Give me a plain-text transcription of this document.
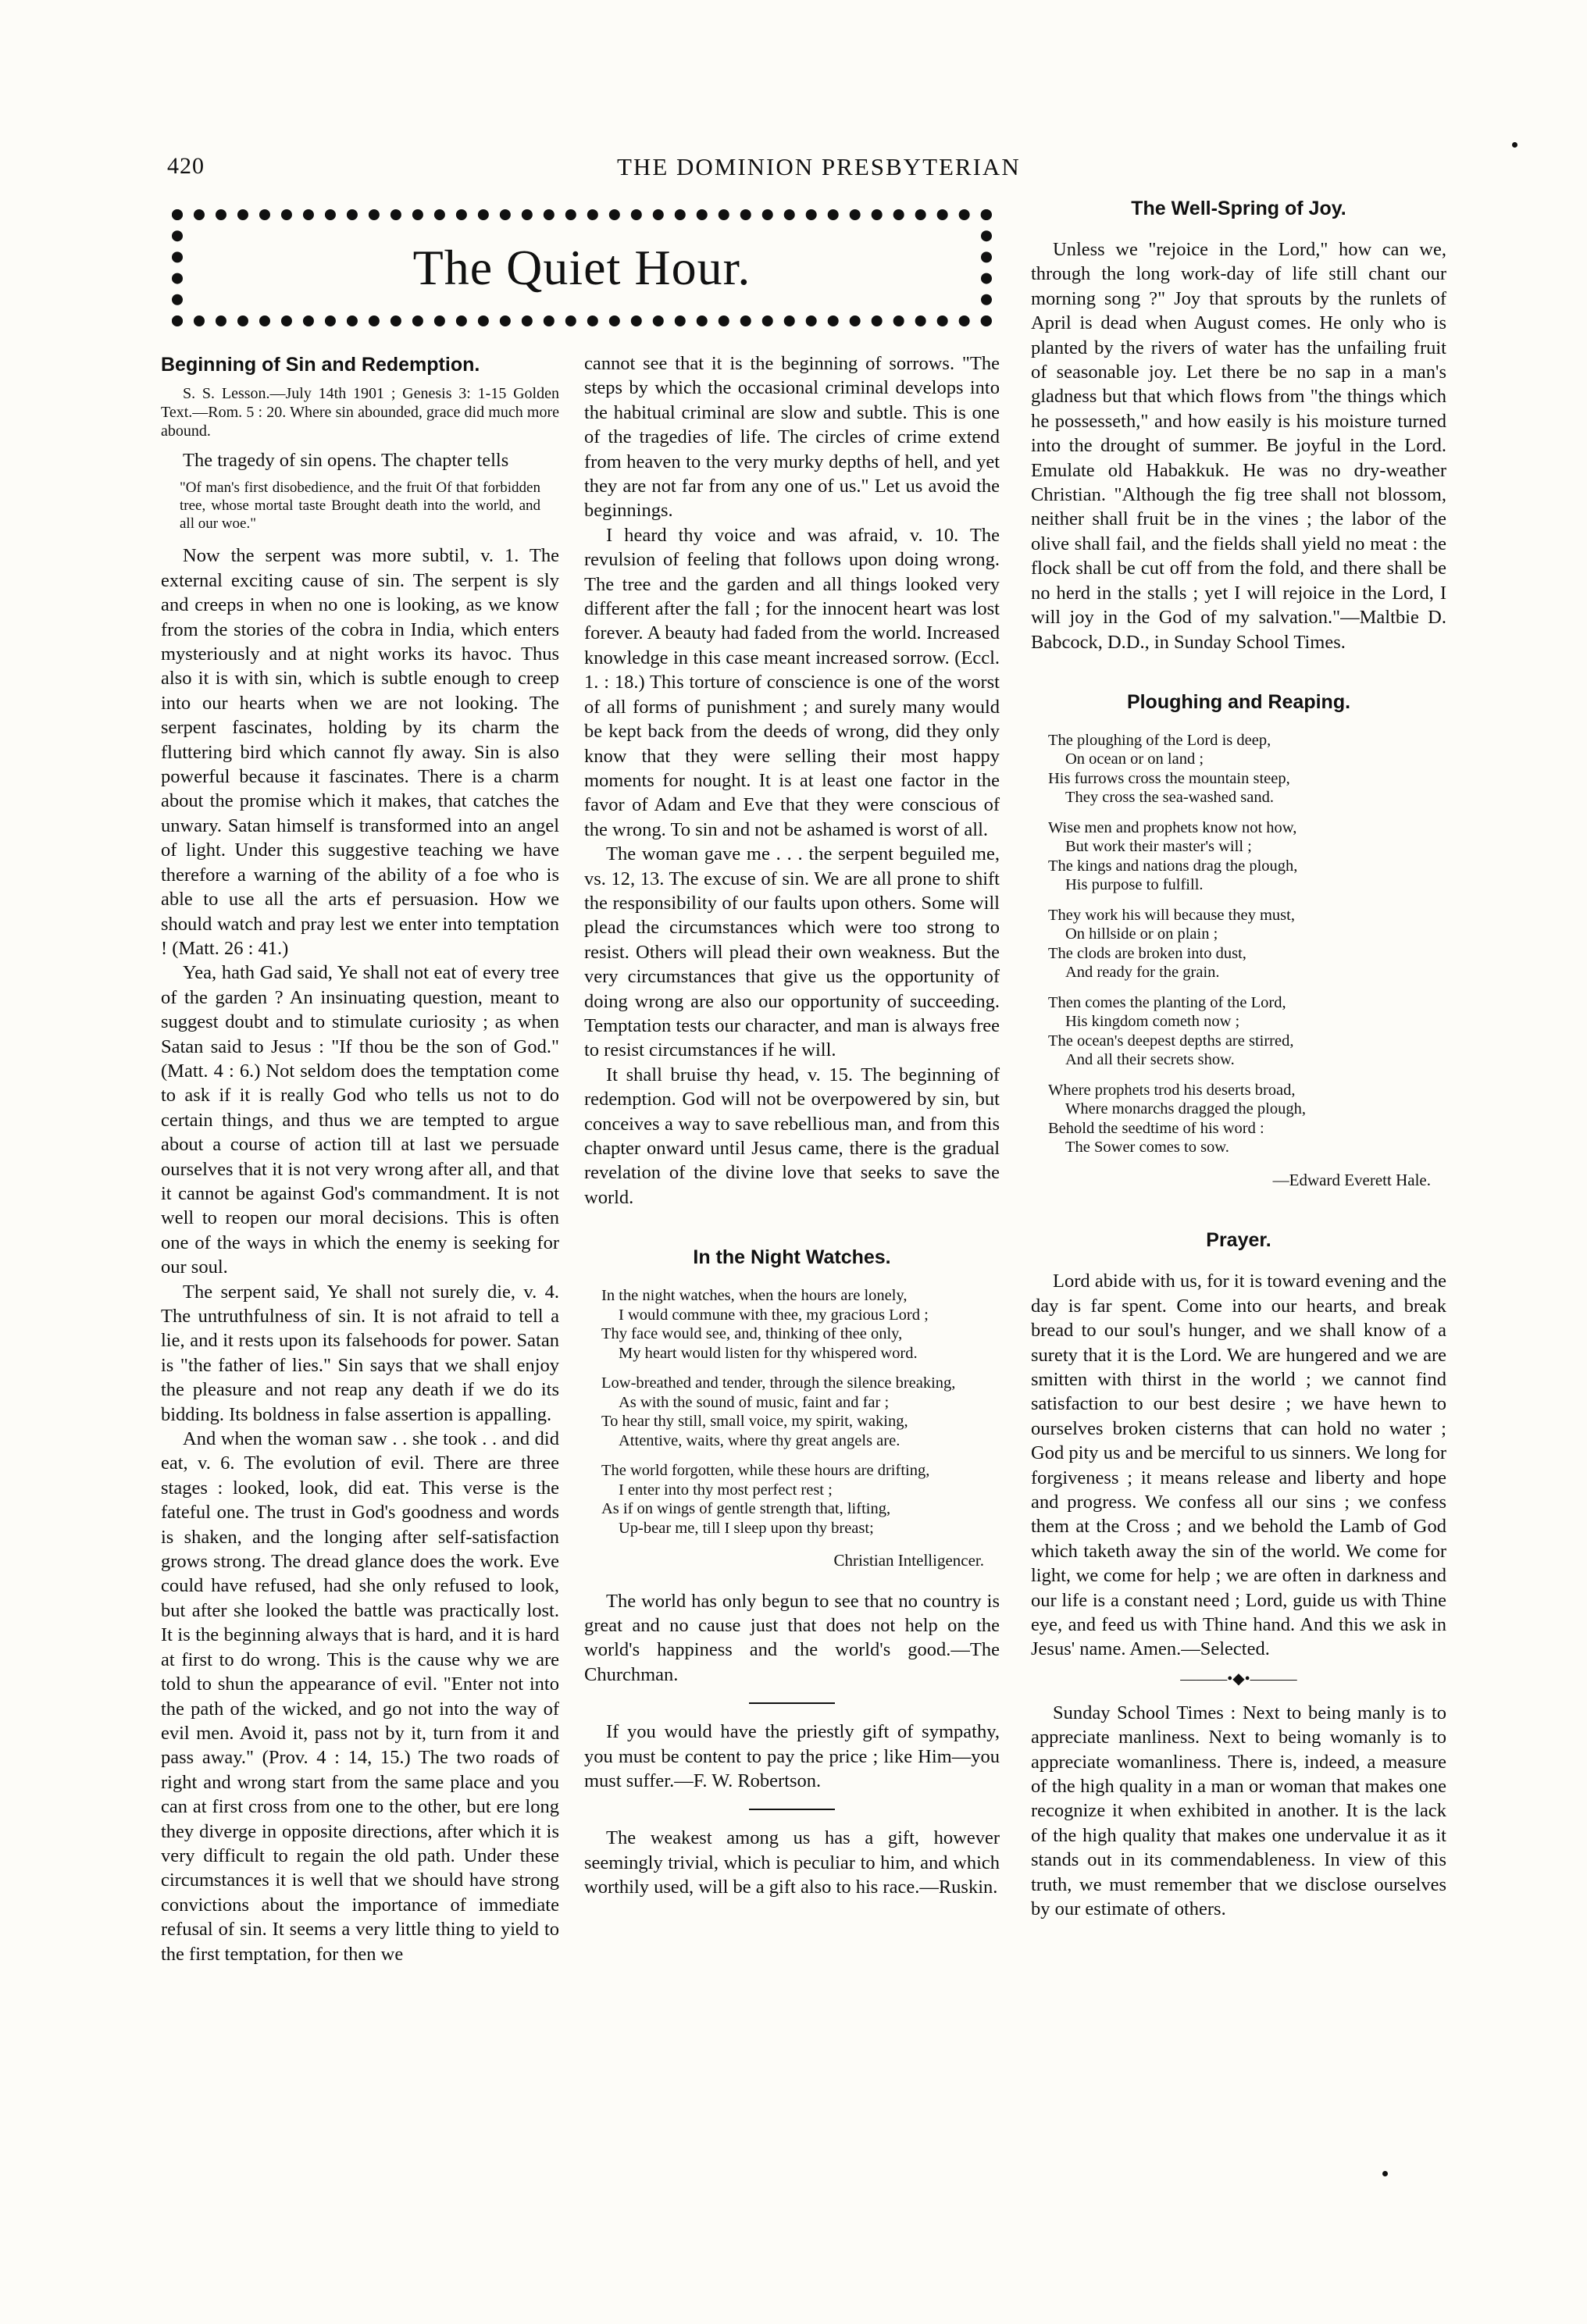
420	THE DOMINION PRESBYTERIAN
The Quiet Hour.
Beginning of Sin and Redemption.
S. S. Lesson.—July 14th 1901 ; Genesis 3: 1-15 Golden Text.—Rom. 5 : 20. Where sin abounded, grace did much more abound.

The tragedy of sin opens. The chapter tells

"Of man's first disobedience, and the fruit Of that forbidden tree, whose mortal taste Brought death into the world, and all our woe."

Now the serpent was more subtil, v. 1. The external exciting cause of sin. The serpent is sly and creeps in when no one is looking, as we know from the stories of the cobra in India, which enters mysteriously and at night works its havoc. Thus also it is with sin, which is subtle enough to creep into our hearts when we are not looking. The serpent fascinates, holding by its charm the fluttering bird which cannot fly away. Sin is also powerful because it fascinates. There is a charm about the promise which it makes, that catches the unwary. Satan himself is transformed into an angel of light. Under this suggestive teaching we have therefore a warning of the ability of a foe who is able to use all the arts ef persuasion. How we should watch and pray lest we enter into temptation ! (Matt. 26 : 41.)

Yea, hath Gad said, Ye shall not eat of every tree of the garden ? An insinuating question, meant to suggest doubt and to stimulate curiosity ; as when Satan said to Jesus : "If thou be the son of God." (Matt. 4 : 6.) Not seldom does the temptation come to ask if it is really God who tells us not to do certain things, and thus we are tempted to argue about a course of action till at last we persuade ourselves that it is not very wrong after all, and that it cannot be against God's commandment. It is not well to reopen our moral decisions. This is often one of the ways in which the enemy is seeking for our soul.

The serpent said, Ye shall not surely die, v. 4. The untruthfulness of sin. It is not afraid to tell a lie, and it rests upon its falsehoods for power. Satan is "the father of lies." Sin says that we shall enjoy the pleasure and not reap any death if we do its bidding. Its boldness in false assertion is appalling.

And when the woman saw . . she took . . and did eat, v. 6. The evolution of evil. There are three stages : looked, look, did eat. This verse is the fateful one. The trust in God's goodness and words is shaken, and the longing after self-satisfaction grows strong. The dread glance does the work. Eve could have refused, had she only refused to look, but after she looked the battle was practically lost. It is the beginning always that is hard, and it is hard at first to do wrong. This is the cause why we are told to shun the appearance of evil. "Enter not into the path of the wicked, and go not into the way of evil men. Avoid it, pass not by it, turn from it and pass away." (Prov. 4 : 14, 15.) The two roads of right and wrong start from the same place and you can at first cross from one to the other, but ere long they diverge in opposite directions, after which it is very difficult to regain the old path. Under these circumstances it is well that we should have strong convictions about the importance of immediate refusal of sin. It seems a very little thing to yield to the first temptation, for then we

cannot see that it is the beginning of sorrows. "The steps by which the occasional criminal develops into the habitual criminal are slow and subtle. This is one of the tragedies of life. The circles of crime extend from heaven to the very murky depths of hell, and yet they are not far from any one of us." Let us avoid the beginnings.

I heard thy voice and was afraid, v. 10. The revulsion of feeling that follows upon doing wrong. The tree and the garden and all things looked very different after the fall ; for the innocent heart was lost forever. A beauty had faded from the world. Increased knowledge in this case meant increased sorrow. (Eccl. 1. : 18.) This torture of conscience is one of the worst of all forms of punishment ; and surely many would be kept back from the deeds of wrong, did they only know that they were selling their most happy moments for nought. It is at least one factor in the favor of Adam and Eve that they were conscious of the wrong. To sin and not be ashamed is worst of all.

The woman gave me . . . the serpent beguiled me, vs. 12, 13. The excuse of sin. We are all prone to shift the responsibility of our faults upon others. Some will plead the circumstances which were too strong to resist. Others will plead their own weakness. But the very circumstances that give us the opportunity of doing wrong are also our opportunity of succeeding. Temptation tests our character, and man is always free to resist circumstances if he will.

It shall bruise thy head, v. 15. The beginning of redemption. God will not be overpowered by sin, but conceives a way to save rebellious man, and from this chapter onward until Jesus came, there is the gradual revelation of the divine love that seeks to save the world.

In the Night Watches.
In the night watches, when the hours are lonely,
I would commune with thee, my gracious Lord ;
Thy face would see, and, thinking of thee only,
My heart would listen for thy whispered word.
Low-breathed and tender, through the silence breaking,
As with the sound of music, faint and far ;
To hear thy still, small voice, my spirit, waking,
Attentive, waits, where thy great angels are.
The world forgotten, while these hours are drifting,
I enter into thy most perfect rest ;
As if on wings of gentle strength that, lifting,
Up-bear me, till I sleep upon thy breast;
Christian Intelligencer.

The world has only begun to see that no country is great and no cause just that does not help on the world's happiness and the world's good.—The Churchman.

If you would have the priestly gift of sympathy, you must be content to pay the price ; like Him—you must suffer.—F. W. Robertson.

The weakest among us has a gift, however seemingly trivial, which is peculiar to him, and which worthily used, will be a gift also to his race.—Ruskin.

The Well-Spring of Joy.

Unless we "rejoice in the Lord," how can we, through the long work-day of life still chant our morning song ?" Joy that sprouts by the runlets of April is dead when August comes. He only who is planted by the rivers of water has the unfailing fruit of seasonable joy. Let there be no sap in a man's gladness but that which flows from "the things which he possesseth," and how easily is his moisture turned into the drought of summer. Be joyful in the Lord. Emulate old Habakkuk. He was no dry-weather Christian. "Although the fig tree shall not blossom, neither shall fruit be in the vines ; the labor of the olive shall fail, and the fields shall yield no meat : the flock shall be cut off from the fold, and there shall be no herd in the stalls ; yet I will rejoice in the Lord, I will joy in the God of my salvation."—Maltbie D. Babcock, D.D., in Sunday School Times.

Ploughing and Reaping.
The ploughing of the Lord is deep,
On ocean or on land ;
His furrows cross the mountain steep,
They cross the sea-washed sand.
Wise men and prophets know not how,
But work their master's will ;
The kings and nations drag the plough,
His purpose to fulfill.
They work his will because they must,
On hillside or on plain ;
The clods are broken into dust,
And ready for the grain.
Then comes the planting of the Lord,
His kingdom cometh now ;
The ocean's deepest depths are stirred,
And all their secrets show.
Where prophets trod his deserts broad,
Where monarchs dragged the plough,
Behold the seedtime of his word :
The Sower comes to sow.
—Edward Everett Hale.
Prayer.

Lord abide with us, for it is toward evening and the day is far spent. Come into our hearts, and break bread to our soul's hunger, and we shall know of a surety that it is the Lord. We are hungered and we are smitten with thirst in the world ; we cannot find satisfaction to our best desire ; we have hewn to ourselves broken cisterns that can hold no water ; God pity us and be merciful to us sinners. We long for forgiveness ; it means release and liberty and hope and progress. We confess all our sins ; we confess them at the Cross ; and we behold the Lamb of God which taketh away the sin of the world. We come for light, we come for help ; we are often in darkness and our life is a constant need ; Lord, guide us with Thine eye, and feed us with Thine hand. And this we ask in Jesus' name. Amen.—Selected.

———•◆•———

Sunday School Times : Next to being manly is to appreciate manliness. Next to being womanly is to appreciate womanliness. There is, indeed, a measure of the high quality in a man or woman that makes one recognize it when exhibited in another. It is the lack of the high quality that makes one undervalue it as it stands out in its commendableness. In view of this truth, we must remember that we disclose ourselves by our estimate of others.
